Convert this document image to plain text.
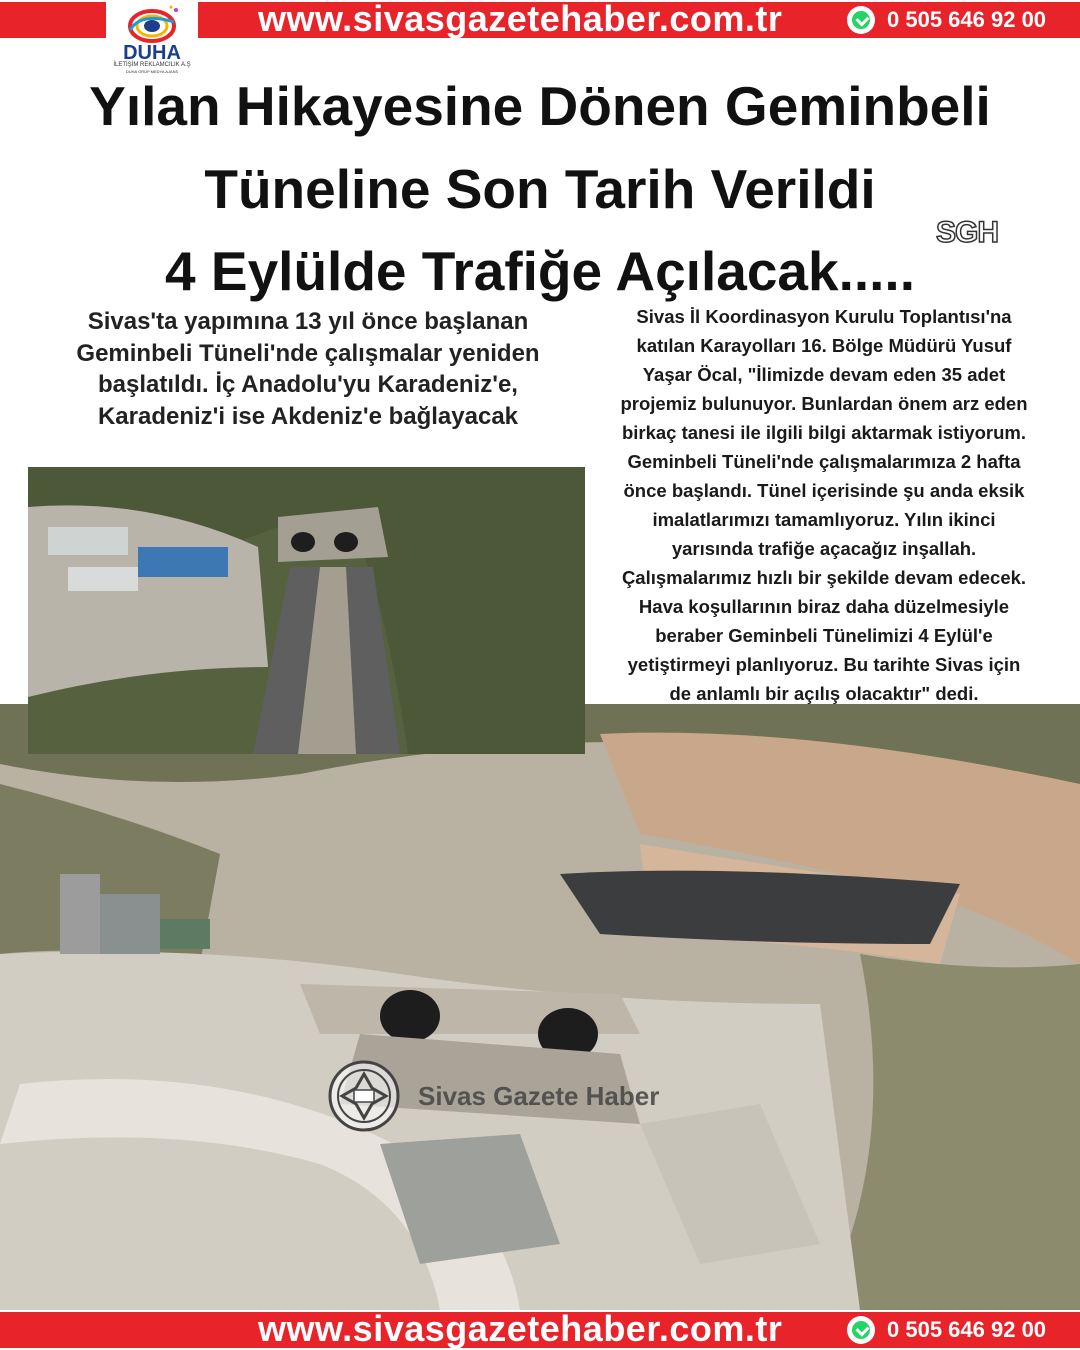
www.sivasgazetehaber.com.tr	0 505 646 92 00
DUHA
İLETİŞİM REKLAMCILIK A.Ş
DUHA GRUP MEDYA AJANS
Yılan Hikayesine Dönen Geminbeli
Tüneline Son Tarih Verildi
4 Eylülde Trafiğe Açılacak.....
SGH
Sivas'ta yapımına 13 yıl önce başlanan
Geminbeli Tüneli'nde çalışmalar yeniden
başlatıldı. İç Anadolu'yu Karadeniz'e,
Karadeniz'i ise Akdeniz'e bağlayacak
Sivas İl Koordinasyon Kurulu Toplantısı'na
katılan Karayolları 16. Bölge Müdürü Yusuf
Yaşar Öcal, "İlimizde devam eden 35 adet
projemiz bulunuyor. Bunlardan önem arz eden
birkaç tanesi ile ilgili bilgi aktarmak istiyorum.
Geminbeli Tüneli'nde çalışmalarımıza 2 hafta
önce başlandı. Tünel içerisinde şu anda eksik
imalatlarımızı tamamlıyoruz. Yılın ikinci
yarısında trafiğe açacağız inşallah.
Çalışmalarımız hızlı bir şekilde devam edecek.
Hava koşullarının biraz daha düzelmesiyle
beraber Geminbeli Tünelimizi 4 Eylül'e
yetiştirmeyi planlıyoruz. Bu tarihte Sivas için
de anlamlı bir açılış olacaktır" dedi.
Sivas Gazete Haber
www.sivasgazetehaber.com.tr	0 505 646 92 00
